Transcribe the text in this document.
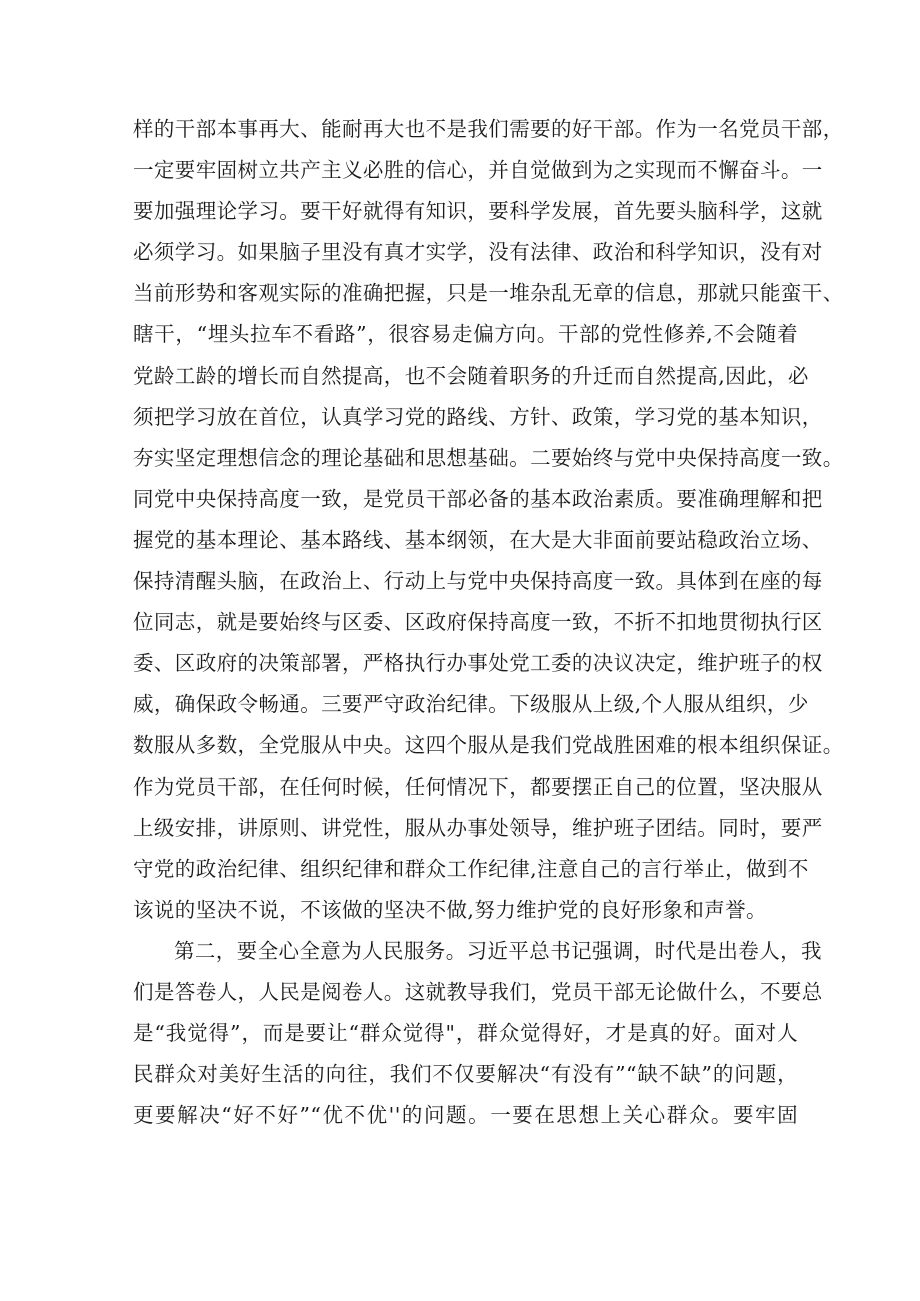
样的干部本事再大、能耐再大也不是我们需要的好干部。作为一名党员干部，
一定要牢固树立共产主义必胜的信心，并自觉做到为之实现而不懈奋斗。一
要加强理论学习。要干好就得有知识，要科学发展，首先要头脑科学，这就
必须学习。如果脑子里没有真才实学，没有法律、政治和科学知识，没有对
当前形势和客观实际的准确把握，只是一堆杂乱无章的信息，那就只能蛮干、
瞎干，“埋头拉车不看路”，很容易走偏方向。干部的党性修养,不会随着
党龄工龄的增长而自然提高，也不会随着职务的升迁而自然提高,因此，必
须把学习放在首位，认真学习党的路线、方针、政策，学习党的基本知识，
夯实坚定理想信念的理论基础和思想基础。二要始终与党中央保持高度一致。
同党中央保持高度一致，是党员干部必备的基本政治素质。要准确理解和把
握党的基本理论、基本路线、基本纲领，在大是大非面前要站稳政治立场、
保持清醒头脑，在政治上、行动上与党中央保持高度一致。具体到在座的每
位同志，就是要始终与区委、区政府保持高度一致，不折不扣地贯彻执行区
委、区政府的决策部署，严格执行办事处党工委的决议决定，维护班子的权
威，确保政令畅通。三要严守政治纪律。下级服从上级,个人服从组织，少
数服从多数，全党服从中央。这四个服从是我们党战胜困难的根本组织保证。
作为党员干部，在任何时候，任何情况下，都要摆正自己的位置，坚决服从
上级安排，讲原则、讲党性，服从办事处领导，维护班子团结。同时，要严
守党的政治纪律、组织纪律和群众工作纪律,注意自己的言行举止，做到不
该说的坚决不说，不该做的坚决不做,努力维护党的良好形象和声誉。
第二，要全心全意为人民服务。习近平总书记强调，时代是出卷人，我
们是答卷人，人民是阅卷人。这就教导我们，党员干部无论做什么，不要总
是“我觉得”，而是要让“群众觉得"，群众觉得好，才是真的好。面对人
民群众对美好生活的向往，我们不仅要解决“有没有”“缺不缺”的问题，
更要解决“好不好”“优不优''的问题。一要在思想上关心群众。要牢固
